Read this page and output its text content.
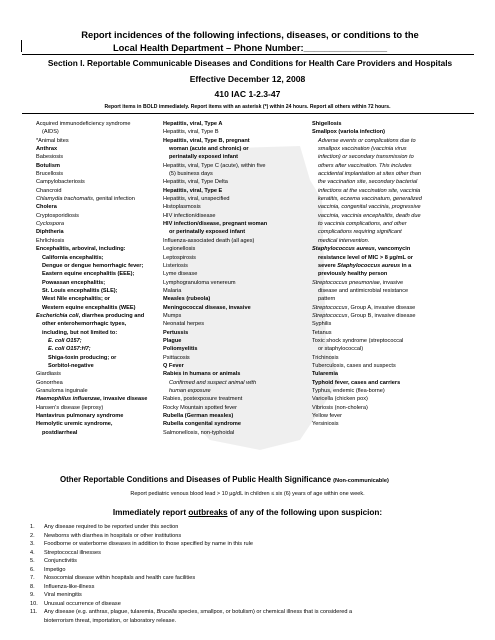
Report incidences of the following infections, diseases, or conditions to the
Local Health Department – Phone Number:________________
Section I. Reportable Communicable Diseases and Conditions for Health Care Providers and Hospitals
Effective December 12, 2008
410 IAC 1-2.3-47
Report items in BOLD immediately. Report items with an asterisk (*) within 24 hours. Report all others within 72 hours.
Acquired immunodeficiency syndrome
(AIDS)
*Animal bites
Anthrax
Babesiosis
Botulism
Brucellosis
Campylobacteriosis
Chancroid
Chlamydia trachomatis, genital infection
Cholera
Cryptosporidiosis
Cyclospora
Diphtheria
Ehrlichiosis
Encephalitis, arboviral, including:
California encephalitis;
Dengue or dengue hemorrhagic fever;
Eastern equine encephalitis (EEE);
Powassan encephalitis;
St. Louis encephalitis (SLE);
West Nile encephalitis; or
Western equine encephalitis (WEE)
Escherichia coli, diarrhea producing and
other enterohemorrhagic types,
including, but not limited to:
E. coli O157;
E. coli O157:H7;
Shiga-toxin producing; or
Sorbitol-negative
Giardiasis
Gonorrhea
Granuloma inguinale
Haemophilus influenzae, invasive disease
Hansen's disease (leprosy)
Hantavirus pulmonary syndrome
Hemolytic uremic syndrome,
postdiarrheal
Hepatitis, viral, Type A
Hepatitis, viral, Type B
Hepatitis, viral, Type B, pregnant
woman (acute and chronic) or
perinatally exposed infant
Hepatitis, viral, Type C (acute), within five
(5) business days
Hepatitis, viral, Type Delta
Hepatitis, viral, Type E
Hepatitis, viral, unspecified
Histoplasmosis
HIV infection/disease
HIV infection/disease, pregnant woman
or perinatally exposed infant
Influenza-associated death (all ages)
Legionellosis
Leptospirosis
Listeriosis
Lyme disease
Lymphogranuloma venereum
Malaria
Measles (rubeola)
Meningococcal disease, invasive
Mumps
Neonatal herpes
Pertussis
Plague
Poliomyelitis
Psittacosis
Q Fever
Rabies in humans or animals
Confirmed and suspect animal with
human exposure
Rabies, postexposure treatment
Rocky Mountain spotted fever
Rubella (German measles)
Rubella congenital syndrome
Salmonellosis, non-typhoidal
Shigellosis
Smallpox (variola infection)
Adverse events or complications due to
smallpox vaccination (vaccinia virus
infection) or secondary transmission to
others after vaccination. This includes
accidental implantation at sites other than
the vaccination site, secondary bacterial
infections at the vaccination site, vaccinia
keratitis, eczema vaccinatum, generalized
vaccinia, congenital vaccinia, progressive
vaccinia, vaccinia encephalitis, death due
to vaccinia complications, and other
complications requiring significant
medical intervention.
Staphylococcus aureus, vancomycin
resistance level of MIC > 8 µg/mL or
severe Staphylococcus aureus in a
previously healthy person
Streptococcus pneumoniae, invasive
disease and antimicrobial resistance
pattern
Streptococcus, Group A, invasive disease
Streptococcus, Group B, invasive disease
Syphilis
Tetanus
Toxic shock syndrome (streptococcal
or staphylococcal)
Trichinosis
Tuberculosis, cases and suspects
Tularemia
Typhoid fever, cases and carriers
Typhus, endemic (flea-borne)
Varicella (chicken pox)
Vibriosis (non-cholera)
Yellow fever
Yersiniosis
Other Reportable Conditions and Diseases of Public Health Significance (Non-communicable)
Report pediatric venous blood lead > 10 µg/dL in children ≤ six (6) years of age within one week.
Immediately report outbreaks of any of the following upon suspicion:
1.	Any disease required to be reported under this section
2.	Newborns with diarrhea in hospitals or other institutions
3.	Foodborne or waterborne diseases in addition to those specified by name in this rule
4.	Streptococcal illnesses
5.	Conjunctivitis
6.	Impetigo
7.	Nosocomial disease within hospitals and health care facilities
8.	Influenza-like-illness
9.	Viral meningitis
10.	Unusual occurrence of disease
11.	Any disease (e.g. anthrax, plague, tularemia, Brucella species, smallpox, or botulism) or chemical illness that is considered a
bioterrorism threat, importation, or laboratory release.
